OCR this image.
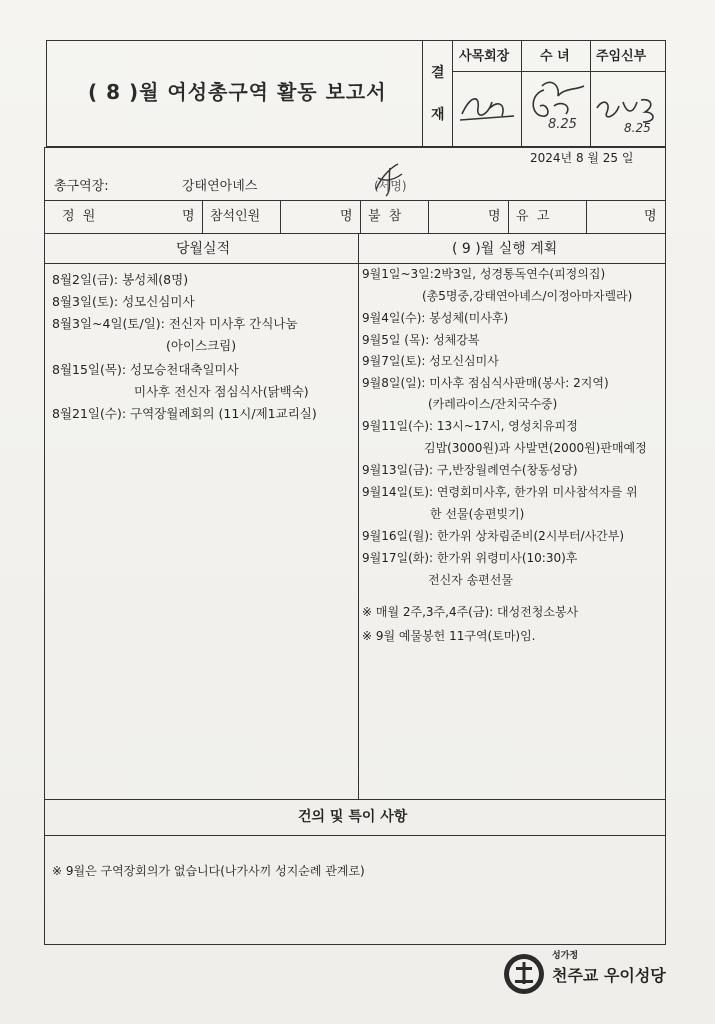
( 8 )월 여성총구역 활동 보고서
결
재
사목회장 수 녀 주임신부
8.25	8.25
2024년 8 월 25 일
총구역장:	강태연아녜스	(서명)
정 원	명 참석인원	명 불 참	명 유 고	명
당월실적	( 9 )월 실행 계획
8월2일(금): 봉성체(8명)
8월3일(토): 성모신심미사
8월3일~4일(토/일): 전신자 미사후 간식나눔
(아이스크림)
8월15일(목): 성모승천대축일미사
미사후 전신자 점심식사(닭백숙)
8월21일(수): 구역장월례회의 (11시/제1교리실)
9월1일~3일:2박3일, 성경통독연수(피정의집)
(총5명중,강태연아녜스/이정아마자렐라)
9월4일(수): 봉성체(미사후)
9월5일 (목): 성체강복
9월7일(토): 성모신심미사
9월8일(일): 미사후 점심식사판매(봉사: 2지역)
(카레라이스/잔치국수중)
9월11일(수): 13시~17시, 영성치유피정
김밥(3000원)과 사발면(2000원)판매예정
9월13일(금): 구,반장월례연수(창동성당)
9월14일(토): 연령회미사후, 한가위 미사참석자를 위
한 선물(송편빚기)
9월16일(월): 한가위 상차림준비(2시부터/사간부)
9월17일(화): 한가위 위령미사(10:30)후
전신자 송편선물
※ 매월 2주,3주,4주(금): 대성전청소봉사
※ 9월 예물봉헌 11구역(토마)임.
건의 및 특이 사항
※ 9월은 구역장회의가 없습니다(나가사끼 성지순례 관계로)
성가정
천주교 우이성당
